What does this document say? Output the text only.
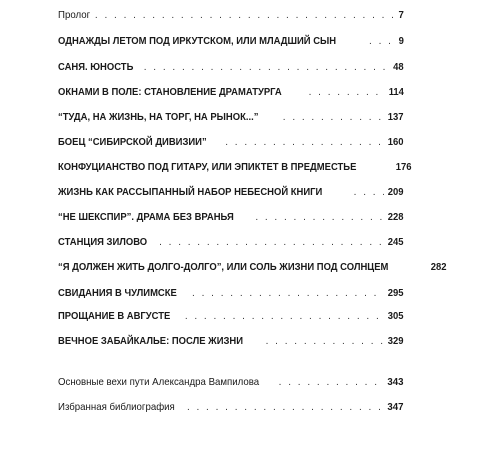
Пролог . . .	7
ОДНАЖДЫ ЛЕТОМ ПОД ИРКУТСКОМ, ИЛИ МЛАДШИЙ СЫН . . .	9
САНЯ. ЮНОСТЬ . . .	48
ОКНАМИ В ПОЛЕ: СТАНОВЛЕНИЕ ДРАМАТУРГА . . .	114
“ТУДА, НА ЖИЗНЬ, НА ТОРГ, НА РЫНОК...” . . .	137
БОЕЦ “СИБИРСКОЙ ДИВИЗИИ” . . .	160
КОНФУЦИАНСТВО ПОД ГИТАРУ, ИЛИ ЭПИКТЕТ В ПРЕДМЕСТЬЕ	176
ЖИЗНЬ КАК РАССЫПАННЫЙ НАБОР НЕБЕСНОЙ КНИГИ . . .	209
“НЕ ШЕКСПИР”. ДРАМА БЕЗ ВРАНЬЯ . . .	228
СТАНЦИЯ ЗИЛОВО . . .	245
“Я ДОЛЖЕН ЖИТЬ ДОЛГО-ДОЛГО”, ИЛИ СОЛЬ ЖИЗНИ ПОД СОЛНЦЕМ	282
СВИДАНИЯ В ЧУЛИМСКЕ . . .	295
ПРОЩАНИЕ В АВГУСТЕ . . .	305
ВЕЧНОЕ ЗАБАЙКАЛЬЕ: ПОСЛЕ ЖИЗНИ . . .	329
Основные вехи пути Александра Вампилова . . .	343
Избранная библиография . . .	347
